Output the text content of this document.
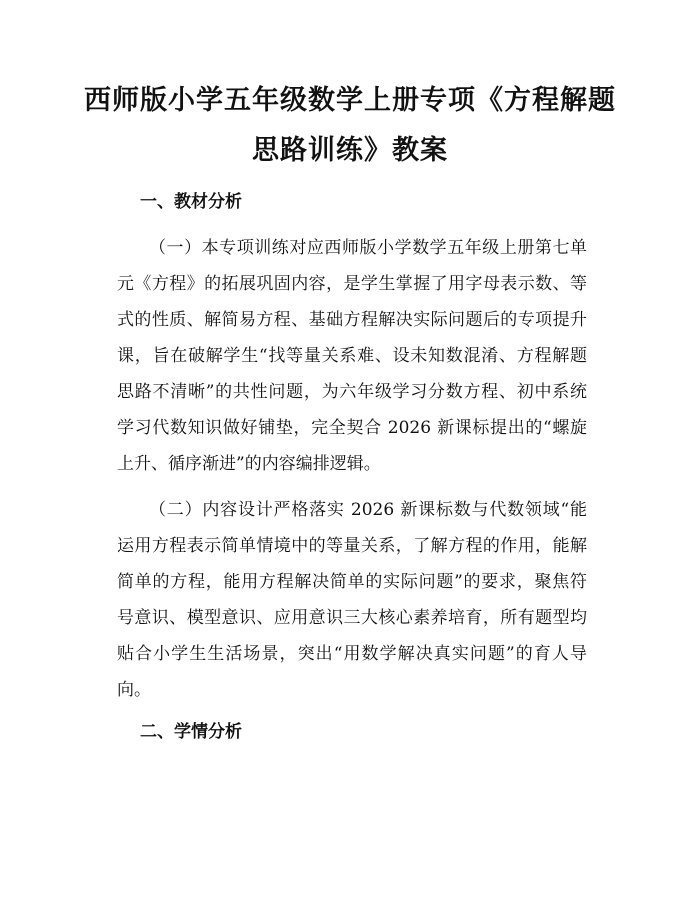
西师版小学五年级数学上册专项《方程解题
思路训练》教案
一、教材分析
（一）本专项训练对应西师版小学数学五年级上册第七单
元《方程》的拓展巩固内容，是学生掌握了用字母表示数、等
式的性质、解简易方程、基础方程解决实际问题后的专项提升
课，旨在破解学生“找等量关系难、设未知数混淆、方程解题
思路不清晰”的共性问题，为六年级学习分数方程、初中系统
学习代数知识做好铺垫，完全契合 2026 新课标提出的“螺旋
上升、循序渐进”的内容编排逻辑。
（二）内容设计严格落实 2026 新课标数与代数领域“能
运用方程表示简单情境中的等量关系，了解方程的作用，能解
简单的方程，能用方程解决简单的实际问题”的要求，聚焦符
号意识、模型意识、应用意识三大核心素养培育，所有题型均
贴合小学生生活场景，突出“用数学解决真实问题”的育人导
向。
二、学情分析
